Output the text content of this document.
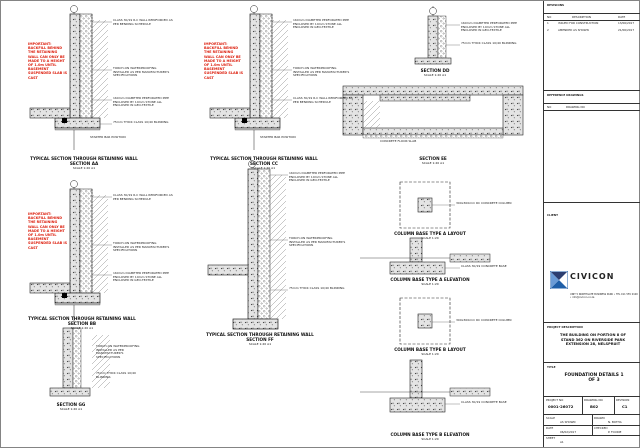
IMPORTANT: BACKFILL BEHIND THE RETAINING WALL CAN ONLY BE MADE TO A HEIGHT OF 1.0m UNTIL BASEMENT SUSPENDED SLAB IS CAST
IMPORTANT: BACKFILL BEHIND THE RETAINING WALL CAN ONLY BE MADE TO A HEIGHT OF 1.0m UNTIL BASEMENT SUSPENDED SLAB IS CAST
IMPORTANT: BACKFILL BEHIND THE RETAINING WALL CAN ONLY BE MADE TO A HEIGHT OF 1.0m UNTIL BASEMENT SUSPENDED SLAB IS CAST
CLASS 30/19 R.C WALL REINFORCED AS PER BENDING SCHEDULE
TORCH-ON WATERPROOFING INSTALLED AS PER MANUFACTURER'S SPECIFICATIONS
160mm DIAMETER PERFORATED PIPE ENCLOSED BY 19mm STONE ALL ENCLOSED IN GEO-TEXTILE
75mm THICK CLASS 10/40 BLINDING
STARTER BAR POSITION
160mm DIAMETER PERFORATED PIPE ENCLOSED BY 19mm STONE ALL ENCLOSED IN GEO-TEXTILE
TORCH-ON WATERPROOFING INSTALLED AS PER MANUFACTURER'S SPECIFICATIONS
CLASS 30/19 R.C WALL REINFORCED AS PER BENDING SCHEDULE
STARTER BAR POSITION
CLASS 30/19 R.C WALL REINFORCED AS PER BENDING SCHEDULE
TORCH-ON WATERPROOFING INSTALLED AS PER MANUFACTURER'S SPECIFICATIONS
160mm DIAMETER PERFORATED PIPE ENCLOSED BY 19mm STONE ALL ENCLOSED IN GEO-TEXTILE
160mm DIAMETER PERFORATED PIPE ENCLOSED BY 19mm STONE ALL ENCLOSED IN GEO-TEXTILE
TORCH-ON WATERPROOFING INSTALLED AS PER MANUFACTURER'S SPECIFICATIONS
75mm THICK CLASS 10/40 BLINDING
160mm DIAMETER PERFORATED PIPE ENCLOSED BY 19mm STONE ALL ENCLOSED IN GEO-TEXTILE
75mm THICK CLASS 10/40 BLINDING
CONCRETE FLOOR SLAB
300x300mm RC CONCRETE COLUMN
CLASS 30/19 CONCRETE BASE
300x300mm RC CONCRETE COLUMN
CLASS 30/19 CONCRETE BASE
TORCH-ON WATERPROOFING INSTALLED AS PER MANUFACTURER'S SPECIFICATIONS
75mm THICK CLASS 10/40 BLINDING
TYPICAL SECTION THROUGH RETAINING WALL
SECTION AA
SCALE 1:20 A1
TYPICAL SECTION THROUGH RETAINING WALL
SECTION CC
SCALE 1:20 A1
SECTION DD
SCALE 1:20 A1
SECTION EE
SCALE 1:20 A1
TYPICAL SECTION THROUGH RETAINING WALL
SECTION BB
SCALE 1:20 A1
TYPICAL SECTION THROUGH RETAINING WALL
SECTION FF
SCALE 1:20 A1
SECTION GG
SCALE 1:20 A1
COLUMN BASE TYPE A LAYOUT
SCALE 1:20
COLUMN BASE TYPE A ELEVATION
SCALE 1:20
COLUMN BASE TYPE B LAYOUT
SCALE 1:20
COLUMN BASE TYPE B ELEVATION
SCALE 1:20
REVISIONS
NO	DESCRIPTION	DATE
1	ISSUED FOR CONSTRUCTION	13/06/2017
2	AMENDED AS SHOWN	21/06/2017
REFERENCE DRAWINGS
NO	DRAWING NO
CLIENT
CIVICON
UNIT 5 NORTHGATE BUSINESS PARK • TEL 011 555 0100 • info@civicon.co.za
PROJECT DESCRIPTION
THE BUILDING ON PORTION 8 OF STAND 362 ON RIVERSIDE PARK EXTENSION 28, NELSPRUIT
TITLE
FOUNDATION DETAILS 1 OF 3
PROJECT NO
0001-26072
DRAWING NO
B02
REVISION
C1
SCALE
AS SHOWN
DRAWN
N. BOTHA
DATE
06/02/2017
CHECKED
P. FOURIE
SHEET
A1
